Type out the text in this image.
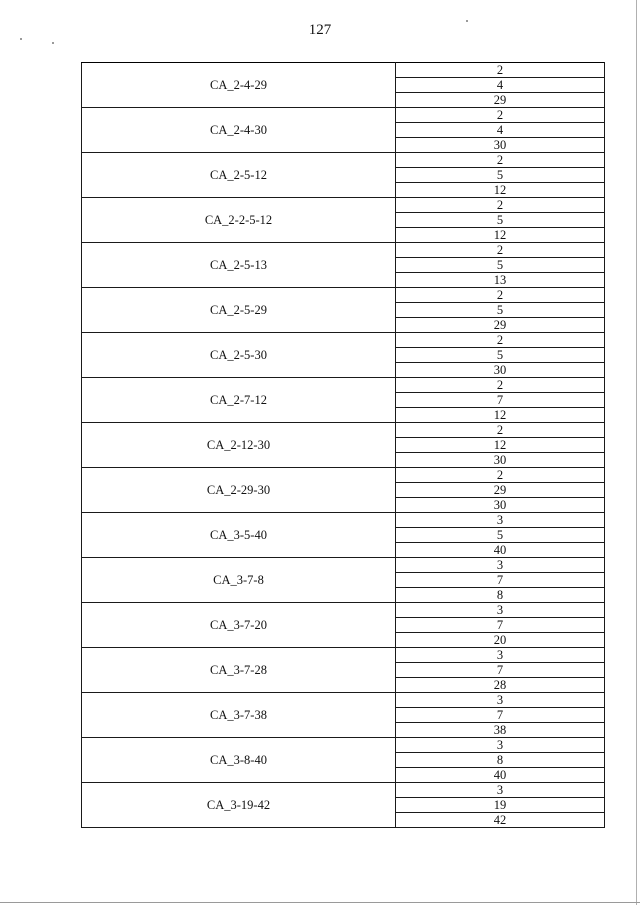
127
CA_2-4-29	2
	4
	29
CA_2-4-30	2
	4
	30
CA_2-5-12	2
	5
	12
CA_2-2-5-12	2
	5
	12
CA_2-5-13	2
	5
	13
CA_2-5-29	2
	5
	29
CA_2-5-30	2
	5
	30
CA_2-7-12	2
	7
	12
CA_2-12-30	2
	12
	30
CA_2-29-30	2
	29
	30
CA_3-5-40	3
	5
	40
CA_3-7-8	3
	7
	8
CA_3-7-20	3
	7
	20
CA_3-7-28	3
	7
	28
CA_3-7-38	3
	7
	38
CA_3-8-40	3
	8
	40
CA_3-19-42	3
	19
	42
